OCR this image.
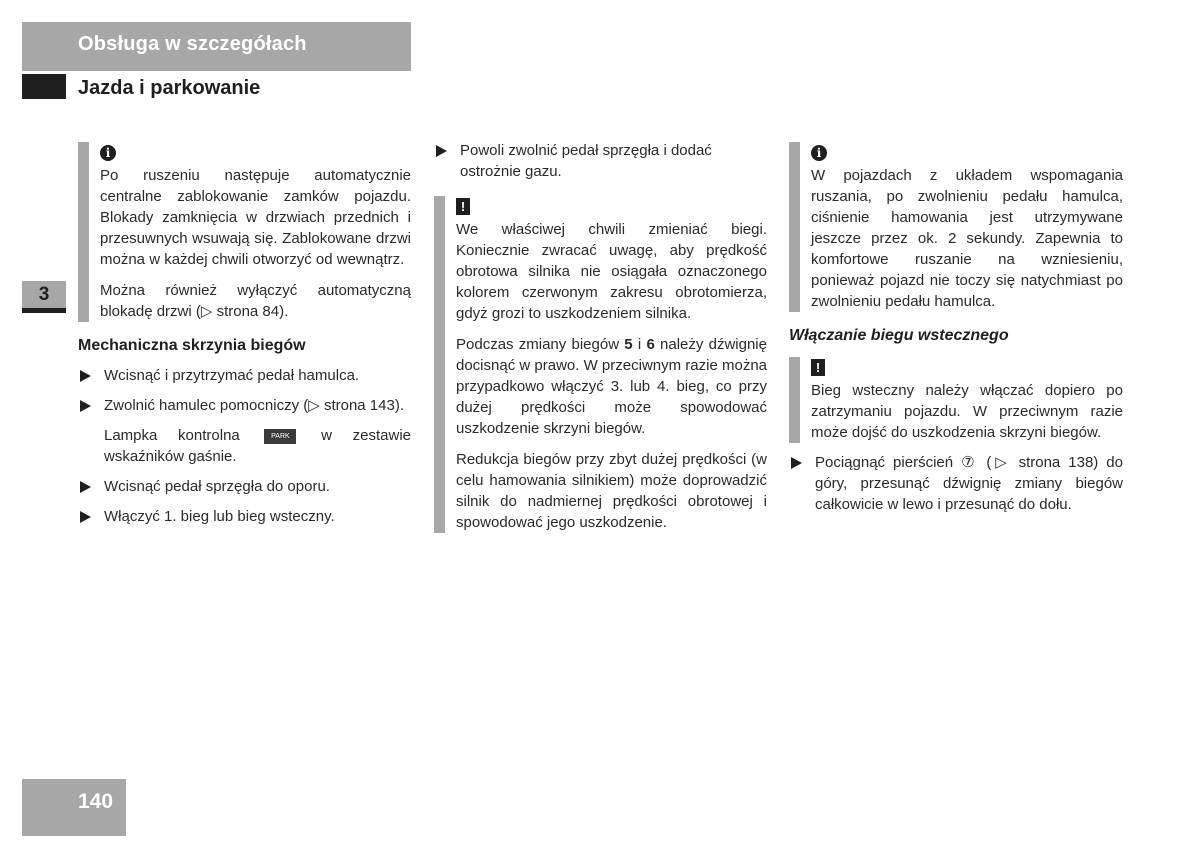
Obsługa w szczegółach
Jazda i parkowanie
3
140
i

Po ruszeniu następuje automatycznie centralne zablokowanie zamków pojazdu. Blokady zamknięcia w drzwiach przednich i przesuwnych wsuwają się. Zablokowane drzwi można w każdej chwili otworzyć od wewnątrz.

Można również wyłączyć automatyczną blokadę drzwi (▷ strona 84).

Mechaniczna skrzynia biegów
Wcisnąć i przytrzymać pedał hamulca.
Zwolnić hamulec pomocniczy (▷ strona 143).
Lampka kontrolna	PARK w zestawie wskaźników gaśnie.
Wcisnąć pedał sprzęgła do oporu.
Włączyć 1. bieg lub bieg wsteczny.
Powoli zwolnić pedał sprzęgła i dodać ostrożnie gazu.
!

We właściwej chwili zmieniać biegi. Koniecznie zwracać uwagę, aby prędkość obrotowa silnika nie osiągała oznaczonego kolorem czerwonym zakresu obrotomierza, gdyż grozi to uszkodzeniem silnika.

Podczas zmiany biegów 5 i 6 należy dźwignię docisnąć w prawo. W przeciwnym razie można przypadkowo włączyć 3. lub 4. bieg, co przy dużej prędkości może spowodować uszkodzenie skrzyni biegów.

Redukcja biegów przy zbyt dużej prędkości (w celu hamowania silnikiem) może doprowadzić silnik do nadmiernej prędkości obrotowej i spowodować jego uszkodzenie.

i

W pojazdach z układem wspomagania ruszania, po zwolnieniu pedału hamulca, ciśnienie hamowania jest utrzymywane jeszcze przez ok. 2 sekundy. Zapewnia to komfortowe ruszanie na wzniesieniu, ponieważ pojazd nie toczy się natychmiast po zwolnieniu pedału hamulca.

Włączanie biegu wstecznego
!

Bieg wsteczny należy włączać dopiero po zatrzymaniu pojazdu. W przeciwnym razie może dojść do uszkodzenia skrzyni biegów.

Pociągnąć pierścień ⑦ (▷ strona 138) do góry, przesunąć dźwignię zmiany biegów całkowicie w lewo i przesunąć do dołu.
